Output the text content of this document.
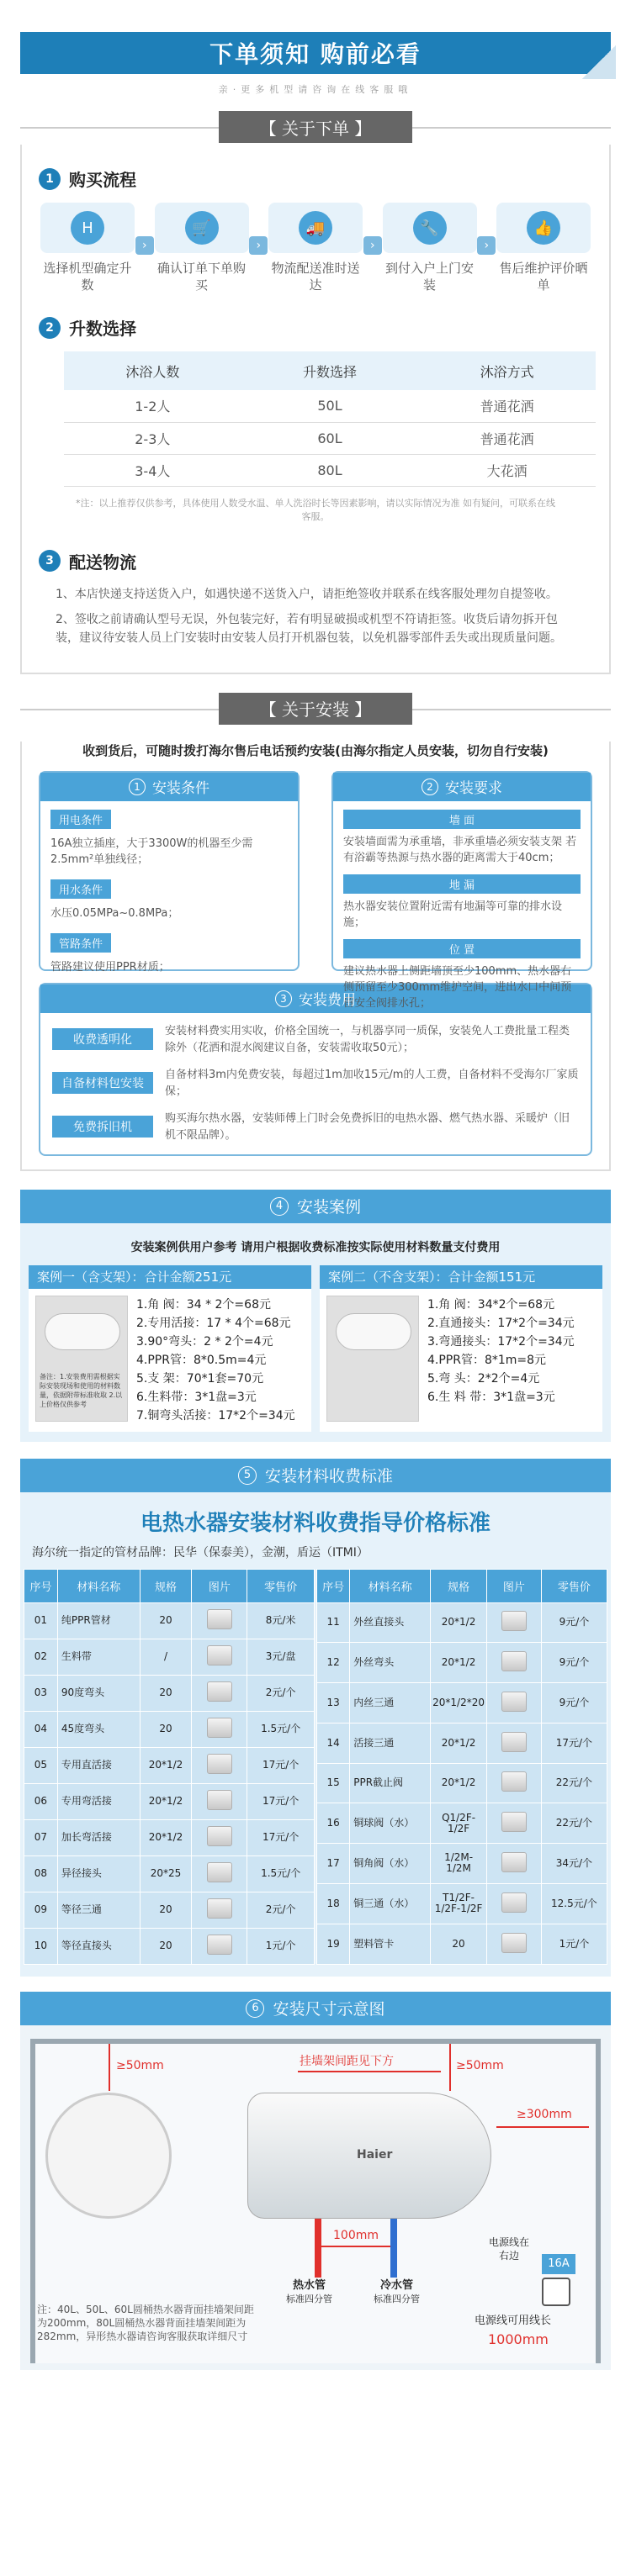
下单须知 购前必看
亲·更多机型请咨询在线客服哦
【 关于下单 】
1 购买流程
H
选择机型确定升数
›
🛒
确认订单下单购买
›
🚚
物流配送准时送达
›
🔧
到付入户上门安装
›
👍
售后维护评价晒单
2 升数选择
沐浴人数	升数选择	沐浴方式
1-2人	50L	普通花洒
2-3人	60L	普通花洒
3-4人	80L	大花洒
*注：以上推荐仅供参考，具体使用人数受水温、单人洗浴时长等因素影响，请以实际情况为准 如有疑问，可联系在线客服。
3 配送物流

1、本店快递支持送货入户，如遇快递不送货入户，请拒绝签收并联系在线客服处理勿自提签收。

2、签收之前请确认型号无误，外包装完好，若有明显破损或机型不符请拒签。收货后请勿拆开包装，建议待安装人员上门安装时由安装人员打开机器包装，以免机器零部件丢失或出现质量问题。

【 关于安装 】
收到货后，可随时拨打海尔售后电话预约安装(由海尔指定人员安装，切勿自行安装)
1 安装条件
用电条件

16A独立插座，大于3300W的机器至少需2.5mm²单独线径；

用水条件

水压0.05MPa~0.8MPa；

管路条件

管路建议使用PPR材质；

2 安装要求
墙 面

安装墙面需为承重墙，非承重墙必须安装支架 若有浴霸等热源与热水器的距离需大于40cm；

地 漏

热水器安装位置附近需有地漏等可靠的排水设施；

位 置

建议热水器上侧距墙顶至少100mm、热水器右侧预留至少300mm维护空间，进出水口中间预留安全阀排水孔；

3 安装费用
收费透明化
安装材料费实用实收，价格全国统一，与机器享同一质保，安装免人工费批量工程类除外（花洒和混水阀建议自备，安装需收取50元）；
自备材料包安装
自备材料3m内免费安装，每超过1m加收15元/m的人工费，自备材料不受海尔厂家质保；
免费拆旧机
购买海尔热水器，安装师傅上门时会免费拆旧的电热水器、燃气热水器、采暖炉（旧机不限品牌）。
4 安装案例
安装案例供用户参考 请用户根据收费标准按实际使用材料数量支付费用
案例一（含支架）：合计金额251元
备注：1.安装费用需根据实际安装现场和使用的材料数量，依据附带标准收取 2.以上价格仅供参考
1.角 阀：34 * 2个=68元
2.专用活接：17 * 4个=68元
3.90°弯头：2 * 2个=4元
4.PPR管：8*0.5m=4元
5.支 架：70*1套=70元
6.生料带：3*1盘=3元
7.铜弯头活接：17*2个=34元
案例二（不含支架）：合计金额151元
1.角 阀：34*2个=68元
2.直通接头：17*2个=34元
3.弯通接头：17*2个=34元
4.PPR管：8*1m=8元
5.弯 头：2*2个=4元
6.生 料 带：3*1盘=3元
5 安装材料收费标准
电热水器安装材料收费指导价格标准
海尔统一指定的管材品牌：民华（保泰美），金潮，盾运（ITMI）
序号	材料名称	规格	图片	零售价
01	纯PPR管材	20		8元/米
02	生料带	/		3元/盘
03	90度弯头	20		2元/个
04	45度弯头	20		1.5元/个
05	专用直活接	20*1/2		17元/个
06	专用弯活接	20*1/2		17元/个
07	加长弯活接	20*1/2		17元/个
08	异径接头	20*25		1.5元/个
09	等径三通	20		2元/个
10	等径直接头	20		1元/个
序号	材料名称	规格	图片	零售价
11	外丝直接头	20*1/2		9元/个
12	外丝弯头	20*1/2		9元/个
13	内丝三通	20*1/2*20		9元/个
14	活接三通	20*1/2		17元/个
15	PPR截止阀	20*1/2		22元/个
16	铜球阀（水）	Q1/2F-1/2F		22元/个
17	铜角阀（水）	1/2M-1/2M		34元/个
18	铜三通（水）	T1/2F-1/2F-1/2F		12.5元/个
19	塑料管卡	20		1元/个
6 安装尺寸示意图
Haier
≥50mm	挂墙架间距见下方	≥50mm
≥300mm
100mm
热水管
标准四分管
冷水管
标准四分管
电源线在右边
16A
电源线可用线长
1000mm
注：40L、50L、60L圆桶热水器背面挂墙架间距为200mm，80L圆桶热水器背面挂墙架间距为282mm，异形热水器请咨询客服获取详细尺寸
